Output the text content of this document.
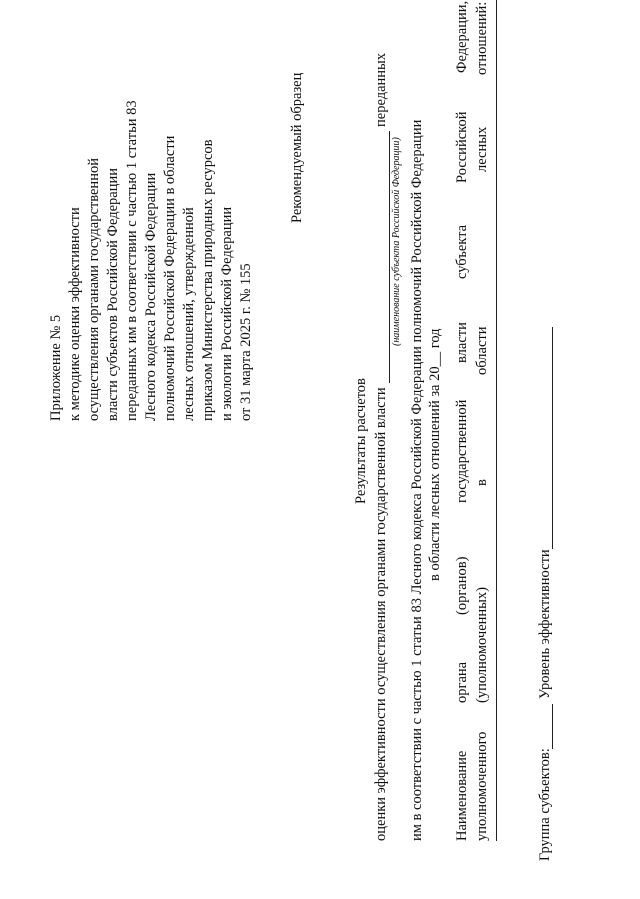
Приложение № 5 к методике оценки эффективности осуществления органами государственной власти субъектов Российской Федерации переданных им в соответствии с частью 1 статьи 83 Лесного кодекса Российской Федерации полномочий Российской Федерации в области лесных отношений, утвержденной приказом Министерства природных ресурсов и экологии Российской Федерации от 31 марта 2025 г. № 155
Рекомендуемый образец
Результаты расчетов оценки эффективности осуществления органами государственной власти
переданных
(наименование субъекта Российской Федерации) им в соответствии с частью 1 статьи 83 Лесного кодекса Российской Федерации полномочий Российской Федерации в области лесных отношений за 20__ год
Наименование
органа
(органов)
государственной
власти
субъекта
Российской
Федерации,
уполномоченного
(уполномоченных)
в
области
лесных
отношений:
Группа субъектов:
Уровень эффективности
